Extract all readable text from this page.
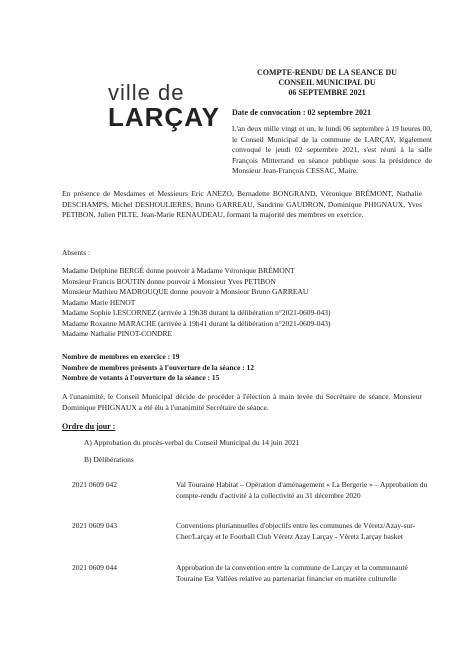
ville de
LARÇAY
COMPTE-RENDU DE LA SEANCE DU
CONSEIL MUNICIPAL DU
06 SEPTEMBRE 2021
Date de convocation : 02 septembre 2021
L'an deux mille vingt et un, le lundi 06 septembre à 19 heures 00, le Conseil Municipal de la commune de LARÇAY, légalement convoqué le jeudi 02 septembre 2021, s'est réuni à la salle François Mitterrand en séance publique sous la présidence de Monsieur Jean-François CESSAC, Maire.
En présence de Mesdames et Messieurs Eric ANEZO, Bernadette BONGRAND, Véronique BRÉMONT, Nathalie DESCHAMPS, Michel DESHOULIERES, Bruno GARREAU, Sandrine GAUDRON, Dominique PHIGNAUX, Yves PETIBON, Julien PILTE, Jean-Marie RENAUDEAU, formant la majorité des membres en exercice.
Absents :
Madame Delphine BERGÉ donne pouvoir à Madame Véronique BRÉMONT
Monsieur Francis BOUTIN donne pouvoir à Monsieur Yves PETIBON
Monsieur Mathieu MADROUQUE donne pouvoir à Monsieur Bruno GARREAU
Madame Marie HENOT
Madame Sophie LESCORNEZ (arrivée à 19h38 durant la délibération n°2021-0609-043)
Madame Roxanne MARACHE (arrivée à 19h41 durant la délibération n°2021-0609-043)
Madame Nathalie PINOT-CONDRE
Nombre de membres en exercice : 19
Nombre de membres présents à l'ouverture de la séance : 12
Nombre de votants à l'ouverture de la séance : 15
A l'unanimité, le Conseil Municipal décide de procéder à l'élection à main levée du Secrétaire de séance. Monsieur Dominique PHIGNAUX a été élu à l'unanimité Secrétaire de séance.
Ordre du jour :
A) Approbation du procès-verbal du Conseil Municipal du 14 juin 2021
B) Délibérations
2021 0609 042	Val Touraine Habitat – Opération d'aménagement « La Bergerie » – Approbation du compte-rendu d'activité à la collectivité au 31 décembre 2020
2021 0609 043	Conventions pluriannuelles d'objectifs entre les communes de Véretz/Azay-sur-Cher/Larçay et le Football Club Véretz Azay Larçay - Véretz Larçay basket
2021 0609 044	Approbation de la convention entre la commune de Larçay et la communauté Touraine Est Vallées relative au partenariat financier en matière culturelle
